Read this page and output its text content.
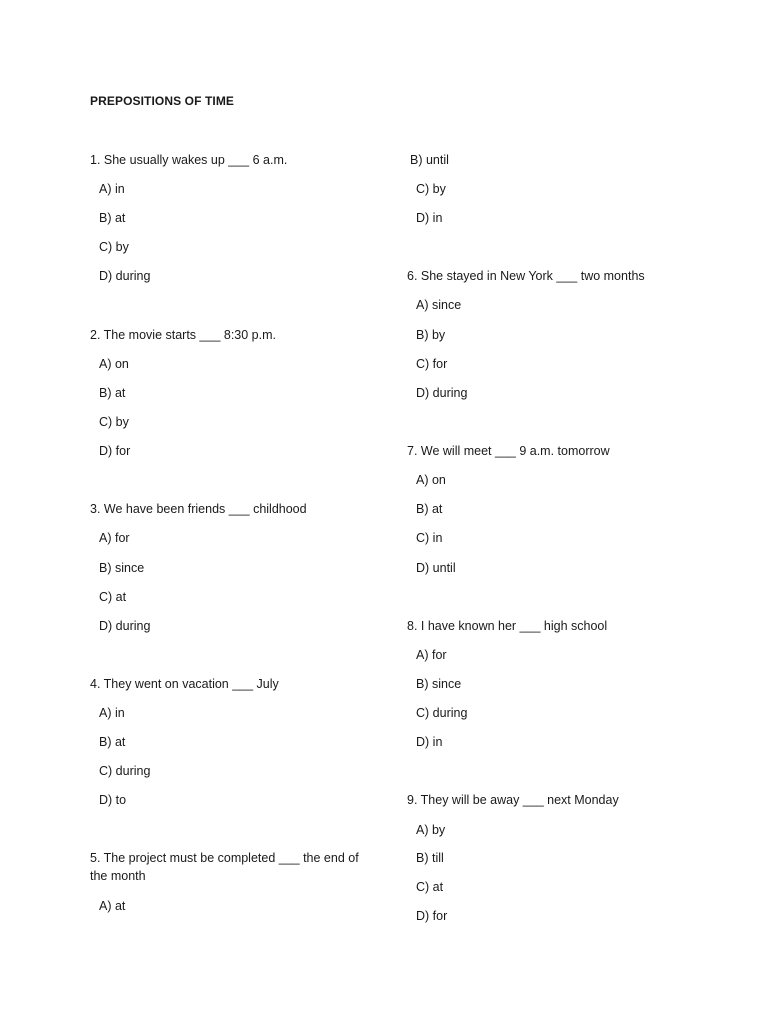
PREPOSITIONS OF TIME
1. She usually wakes up ___ 6 a.m.
A) in
B) at
C) by
D) during
2. The movie starts ___ 8:30 p.m.
A) on
B) at
C) by
D) for
3. We have been friends ___ childhood
A) for
B) since
C) at
D) during
4. They went on vacation ___ July
A) in
B) at
C) during
D) to
5. The project must be completed ___ the end of the month
A) at
B) until
C) by
D) in
6. She stayed in New York ___ two months
A) since
B) by
C) for
D) during
7. We will meet ___ 9 a.m. tomorrow
A) on
B) at
C) in
D) until
8. I have known her ___ high school
A) for
B) since
C) during
D) in
9. They will be away ___ next Monday
A) by
B) till
C) at
D) for
